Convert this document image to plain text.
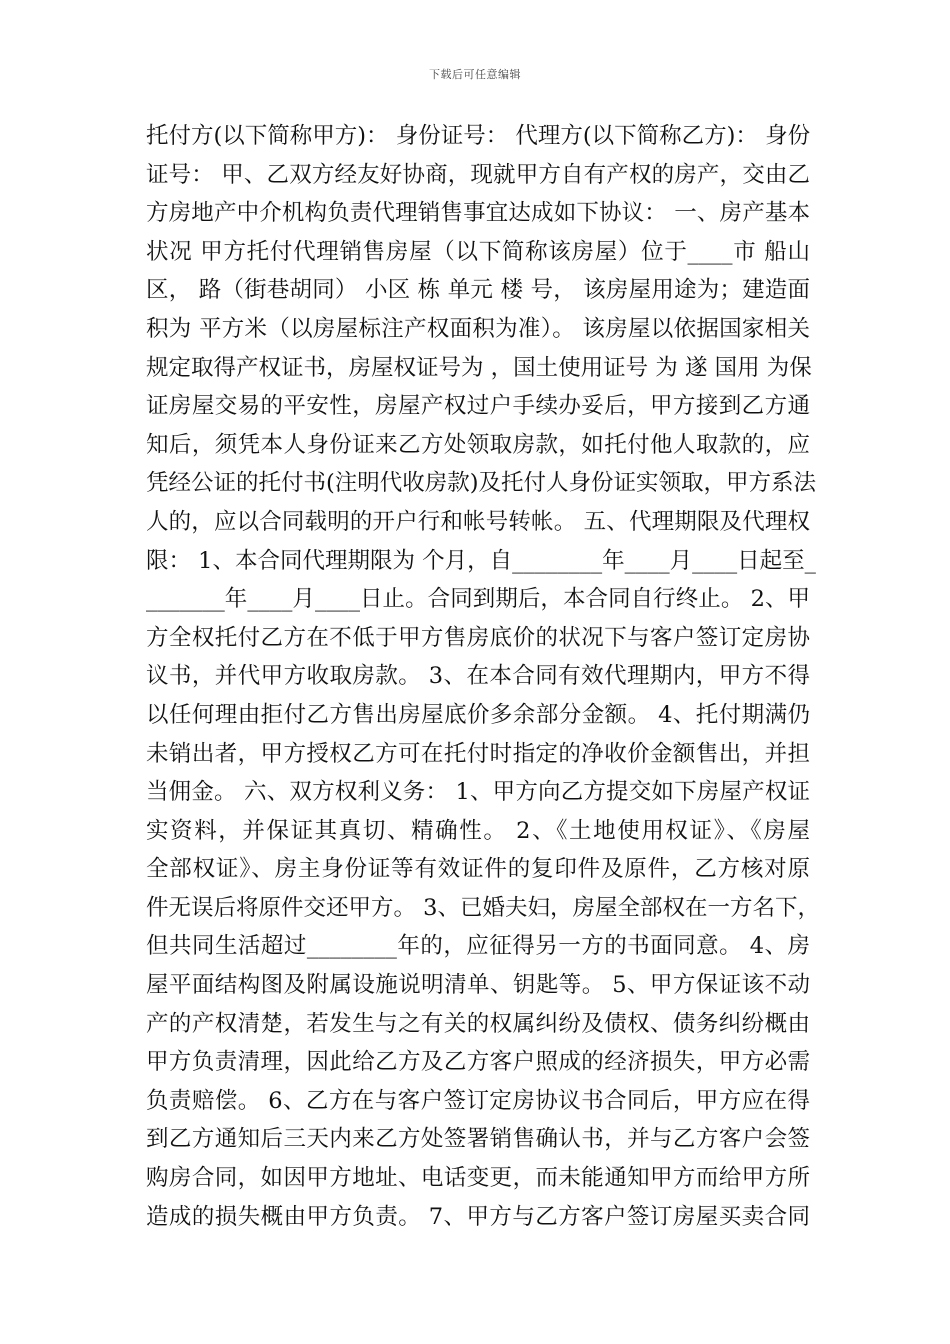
下载后可任意编辑
托付方(以下简称甲方)： 身份证号： 代理方(以下简称乙方)： 身份
证号： 甲、乙双方经友好协商，现就甲方自有产权的房产，交由乙
方房地产中介机构负责代理销售事宜达成如下协议： 一、房产基本
状况 甲方托付代理销售房屋（以下简称该房屋）位于____市 船山
区， 路（街巷胡同） 小区 栋 单元 楼 号， 该房屋用途为；建造面
积为 平方米（以房屋标注产权面积为准）。 该房屋以依据国家相关
规定取得产权证书，房屋权证号为 ，国土使用证号 为 遂 国用 为保
证房屋交易的平安性，房屋产权过户手续办妥后，甲方接到乙方通
知后，须凭本人身份证来乙方处领取房款，如托付他人取款的，应
凭经公证的托付书(注明代收房款)及托付人身份证实领取，甲方系法
人的，应以合同载明的开户行和帐号转帐。 五、代理期限及代理权
限： 1、本合同代理期限为 个月，自________年____月____日起至_
_______年____月____日止。合同到期后，本合同自行终止。 2、甲
方全权托付乙方在不低于甲方售房底价的状况下与客户签订定房协
议书，并代甲方收取房款。 3、在本合同有效代理期内，甲方不得
以任何理由拒付乙方售出房屋底价多余部分金额。 4、托付期满仍
未销出者，甲方授权乙方可在托付时指定的净收价金额售出，并担
当佣金。 六、双方权利义务： 1、甲方向乙方提交如下房屋产权证
实资料，并保证其真切、精确性。 2、《土地使用权证》、《房屋
全部权证》、房主身份证等有效证件的复印件及原件，乙方核对原
件无误后将原件交还甲方。 3、已婚夫妇，房屋全部权在一方名下，
但共同生活超过________年的，应征得另一方的书面同意。 4、房
屋平面结构图及附属设施说明清单、钥匙等。 5、甲方保证该不动
产的产权清楚，若发生与之有关的权属纠纷及债权、债务纠纷概由
甲方负责清理，因此给乙方及乙方客户照成的经济损失，甲方必需
负责赔偿。 6、乙方在与客户签订定房协议书合同后，甲方应在得
到乙方通知后三天内来乙方处签署销售确认书，并与乙方客户会签
购房合同，如因甲方地址、电话变更，而未能通知甲方而给甲方所
造成的损失概由甲方负责。 7、甲方与乙方客户签订房屋买卖合同
